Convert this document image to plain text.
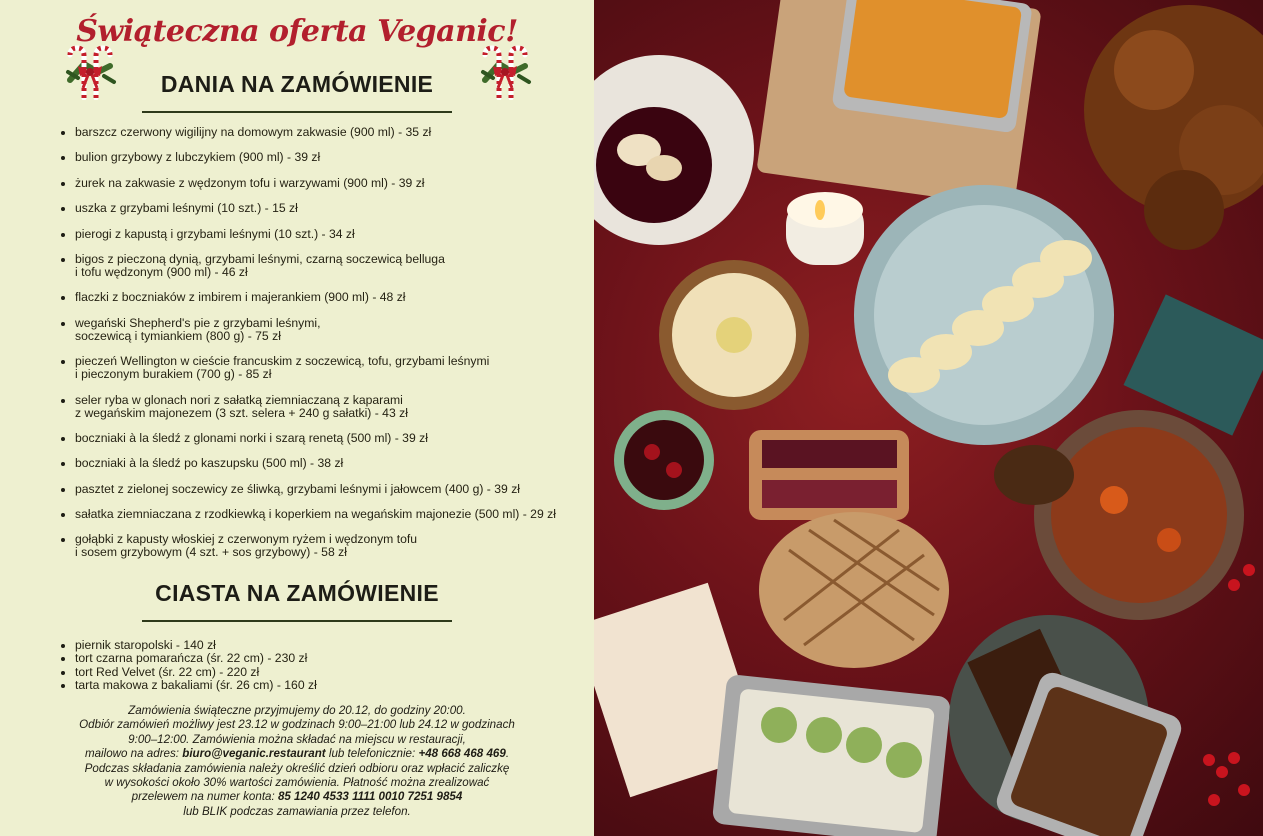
Świąteczna oferta Veganic!
DANIA NA ZAMÓWIENIE
barszcz czerwony wigilijny na domowym zakwasie (900 ml) - 35 zł
bulion grzybowy z lubczykiem (900 ml) - 39 zł
żurek na zakwasie z wędzonym tofu i warzywami (900 ml) - 39 zł
uszka z grzybami leśnymi (10 szt.) - 15 zł
pierogi z kapustą i grzybami leśnymi (10 szt.) - 34 zł
bigos z pieczoną dynią, grzybami leśnymi, czarną soczewicą belluga
i tofu wędzonym (900 ml) - 46 zł
flaczki z boczniaków z imbirem i majerankiem (900 ml) - 48 zł
wegański Shepherd's pie z grzybami leśnymi,
soczewicą i tymiankiem (800 g) - 75 zł
pieczeń Wellington w cieście francuskim z soczewicą, tofu, grzybami leśnymi
i pieczonym burakiem (700 g) - 85 zł
seler ryba w glonach nori z sałatką ziemniaczaną z kaparami
z wegańskim majonezem (3 szt. selera + 240 g sałatki) - 43 zł
boczniaki à la śledź z glonami norki i szarą renetą (500 ml) - 39 zł
boczniaki à la śledź po kaszupsku (500 ml) - 38 zł
pasztet z zielonej soczewicy ze śliwką, grzybami leśnymi i jałowcem (400 g) - 39 zł
sałatka ziemniaczana z rzodkiewką i koperkiem na wegańskim majonezie (500 ml) - 29 zł
gołąbki z kapusty włoskiej z czerwonym ryżem i wędzonym tofu
i sosem grzybowym (4 szt. + sos grzybowy) - 58 zł
CIASTA NA ZAMÓWIENIE
piernik staropolski - 140 zł
tort czarna pomarańcza (śr. 22 cm) - 230 zł
tort Red Velvet (śr. 22 cm) - 220 zł
tarta makowa z bakaliami (śr. 26 cm) - 160 zł
Zamówienia świąteczne przyjmujemy do 20.12, do godziny 20:00.
Odbiór zamówień możliwy jest 23.12 w godzinach 9:00–21:00 lub 24.12 w godzinach
9:00–12:00. Zamówienia można składać na miejscu w restauracji,
mailowo na adres: biuro@veganic.restaurant lub telefonicznie: +48 668 468 469.
Podczas składania zamówienia należy określić dzień odbioru oraz wpłacić zaliczkę
w wysokości około 30% wartości zamówienia. Płatność można zrealizować
przelewem na numer konta: 85 1240 4533 1111 0010 7251 9854
lub BLIK podczas zamawiania przez telefon.
